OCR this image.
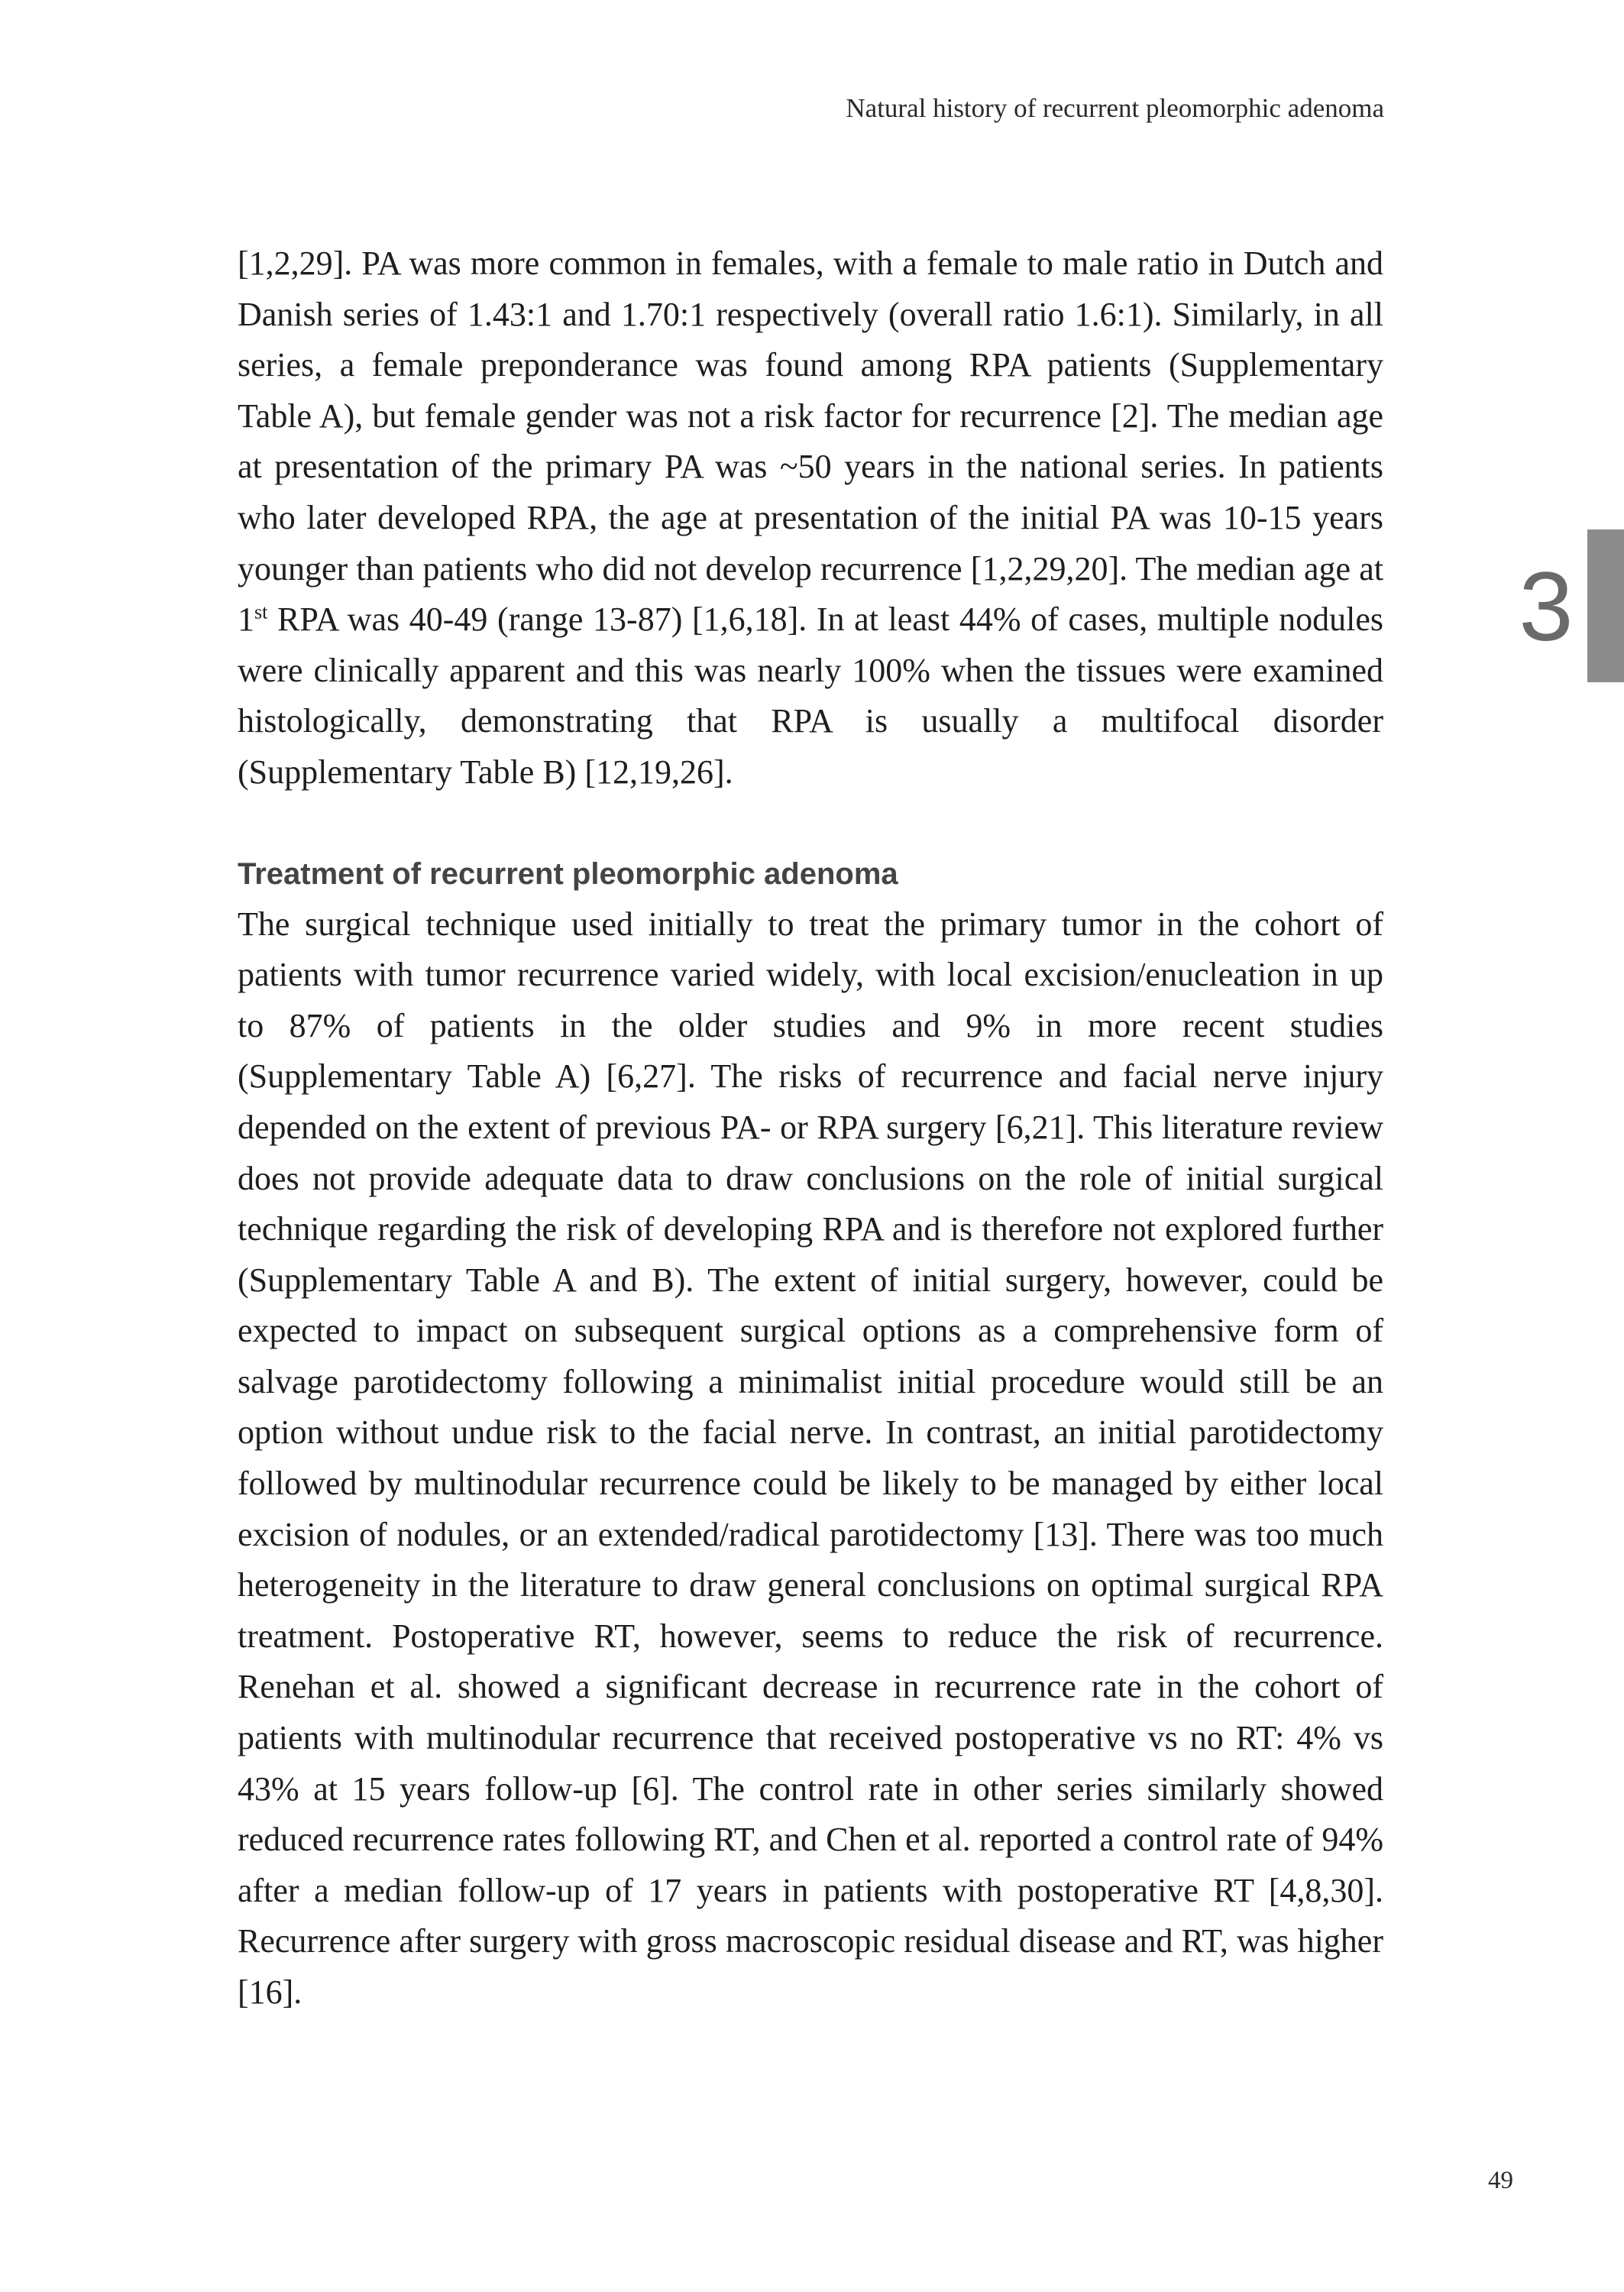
Natural history of recurrent pleomorphic adenoma

3

[1,2,29]. PA was more common in females, with a female to male ratio in Dutch and Danish series of 1.43:1 and 1.70:1 respectively (overall ratio 1.6:1). Similarly, in all series, a female preponderance was found among RPA patients (Supplementary Table A), but female gender was not a risk factor for recurrence [2]. The median age at presentation of the primary PA was ~50 years in the national series. In patients who later developed RPA, the age at presentation of the initial PA was 10-15 years younger than patients who did not develop recurrence [1,2,29,20]. The median age at 1st RPA was 40-49 (range 13-87) [1,6,18]. In at least 44% of cases, multiple nodules were clinically apparent and this was nearly 100% when the tissues were examined histologically, demonstrating that RPA is usually a multifocal disorder (Supplementary Table B) [12,19,26].

Treatment of recurrent pleomorphic adenoma

The surgical technique used initially to treat the primary tumor in the cohort of patients with tumor recurrence varied widely, with local excision/enucleation in up to 87% of patients in the older studies and 9% in more recent studies (Supplementary Table A) [6,27]. The risks of recurrence and facial nerve injury depended on the extent of previous PA- or RPA surgery [6,21]. This literature review does not provide adequate data to draw conclusions on the role of initial surgical technique regarding the risk of developing RPA and is therefore not explored further (Supplementary Table A and B). The extent of initial surgery, however, could be expected to impact on subsequent surgical options as a comprehensive form of salvage parotidectomy following a minimalist initial procedure would still be an option without undue risk to the facial nerve. In contrast, an initial parotidectomy followed by multinodular recurrence could be likely to be managed by either local excision of nodules, or an extended/radical parotidectomy [13]. There was too much heterogeneity in the literature to draw general conclusions on optimal surgical RPA treatment. Postoperative RT, however, seems to reduce the risk of recurrence. Renehan et al. showed a significant decrease in recurrence rate in the cohort of patients with multinodular recurrence that received postoperative vs no RT: 4% vs 43% at 15 years follow-up [6]. The control rate in other series similarly showed reduced recurrence rates following RT, and Chen et al. reported a control rate of 94% after a median follow-up of 17 years in patients with postoperative RT [4,8,30]. Recurrence after surgery with gross macroscopic residual disease and RT, was higher [16].

49
